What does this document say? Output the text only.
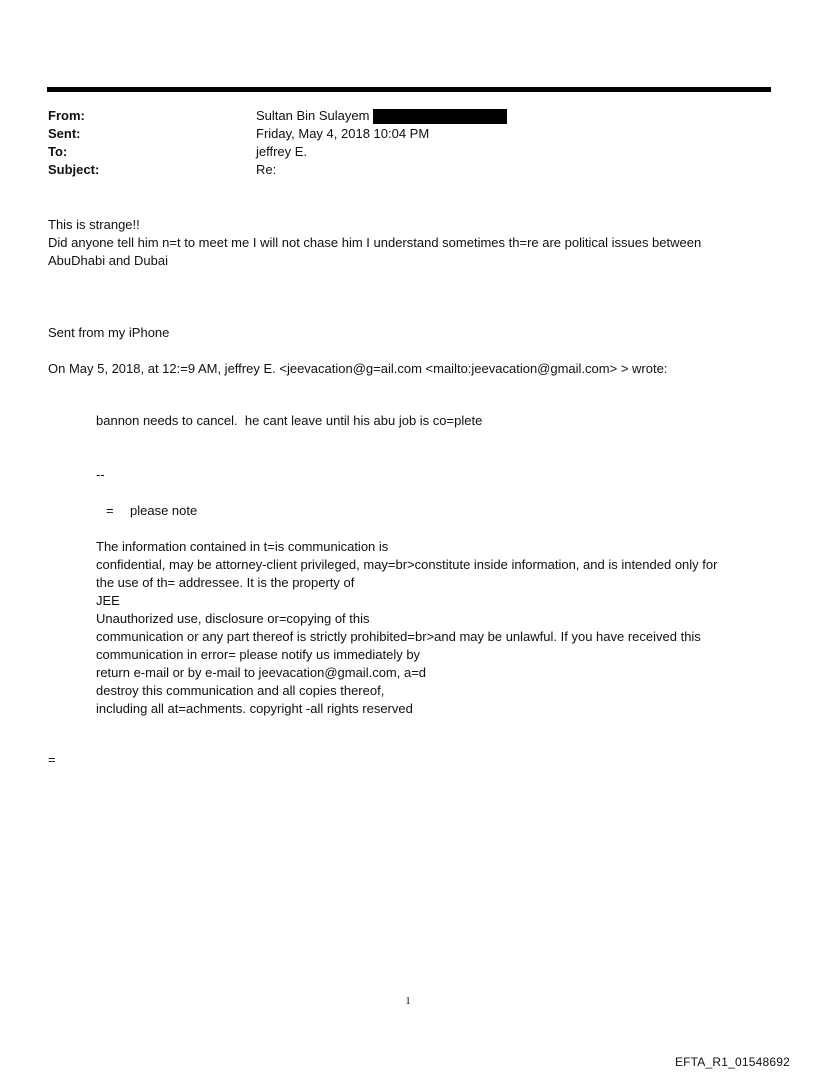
From:	Sultan Bin Sulayem
Sent:	Friday, May 4, 2018 10:04 PM
To:	jeffrey E.
Subject:	Re:

This is strange!!

Did anyone tell him n=t to meet me I will not chase him I understand sometimes th=re are political issues between

AbuDhabi and Dubai

Sent from my iPhone

On May 5, 2018, at 12:=9 AM, jeffrey E. <jeevacation@g=ail.com <mailto:jeevacation@gmail.com> > wrote:

bannon needs to cancel.  he cant leave until his abu job is co=plete

--

= please note

The information contained in t=is communication is
confidential, may be attorney-client privileged, may=br>constitute inside information, and is intended only for
the use of th= addressee. It is the property of
JEE
Unauthorized use, disclosure or=copying of this
communication or any part thereof is strictly prohibited=br>and may be unlawful. If you have received this
communication in error= please notify us immediately by
return e-mail or by e-mail to jeevacation@gmail.com, a=d
destroy this communication and all copies thereof,
including all at=achments. copyright -all rights reserved
=
1
EFTA_R1_01548692
